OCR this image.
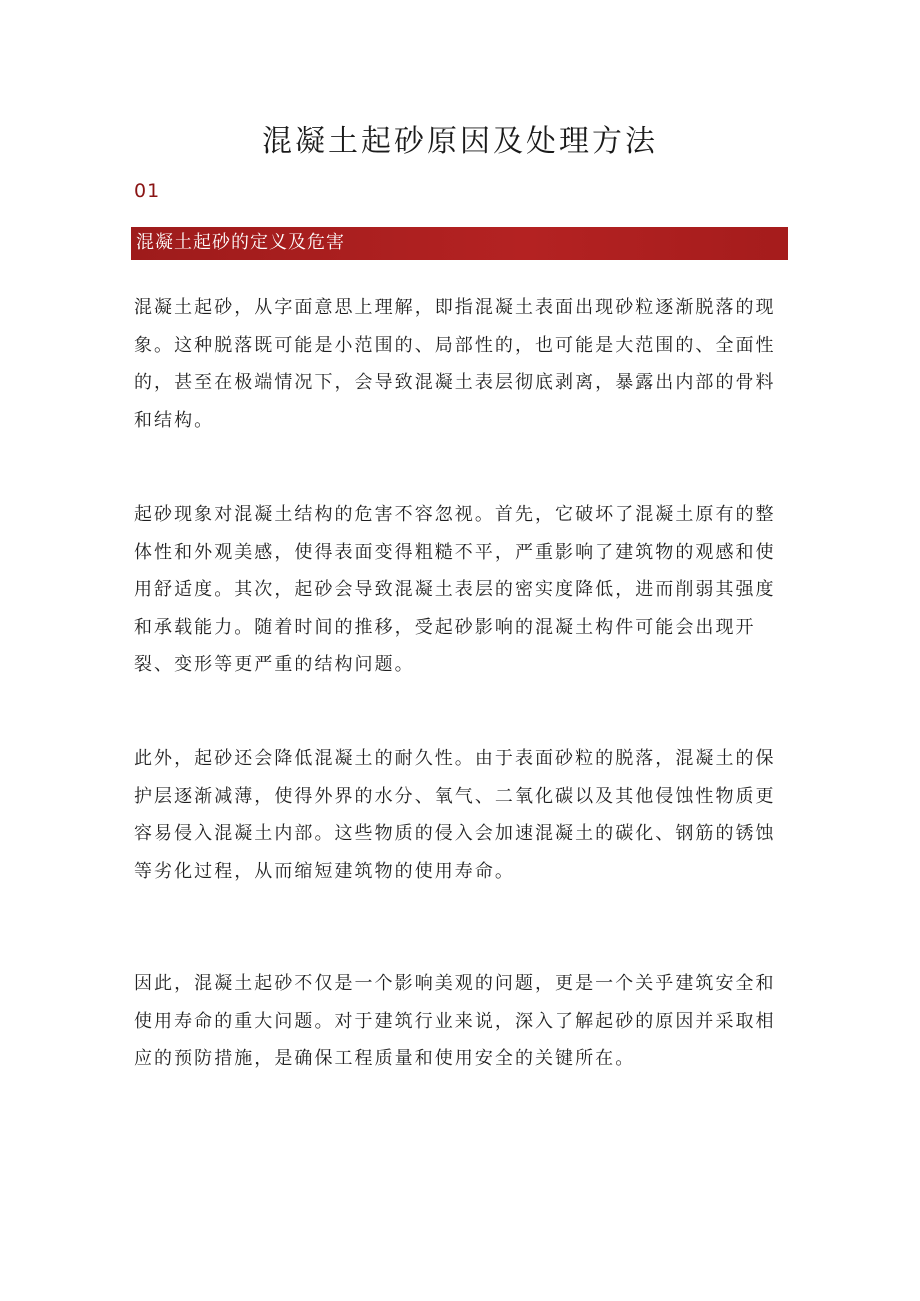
混凝土起砂原因及处理方法
01
混凝土起砂的定义及危害

混凝土起砂，从字面意思上理解，即指混凝土表面出现砂粒逐渐脱落的现象。这种脱落既可能是小范围的、局部性的，也可能是大范围的、全面性的，甚至在极端情况下，会导致混凝土表层彻底剥离，暴露出内部的骨料和结构。

起砂现象对混凝土结构的危害不容忽视。首先，它破坏了混凝土原有的整体性和外观美感，使得表面变得粗糙不平，严重影响了建筑物的观感和使用舒适度。其次，起砂会导致混凝土表层的密实度降低，进而削弱其强度和承载能力。随着时间的推移，受起砂影响的混凝土构件可能会出现开裂、变形等更严重的结构问题。

此外，起砂还会降低混凝土的耐久性。由于表面砂粒的脱落，混凝土的保护层逐渐减薄，使得外界的水分、氧气、二氧化碳以及其他侵蚀性物质更容易侵入混凝土内部。这些物质的侵入会加速混凝土的碳化、钢筋的锈蚀等劣化过程，从而缩短建筑物的使用寿命。

因此，混凝土起砂不仅是一个影响美观的问题，更是一个关乎建筑安全和使用寿命的重大问题。对于建筑行业来说，深入了解起砂的原因并采取相应的预防措施，是确保工程质量和使用安全的关键所在。
